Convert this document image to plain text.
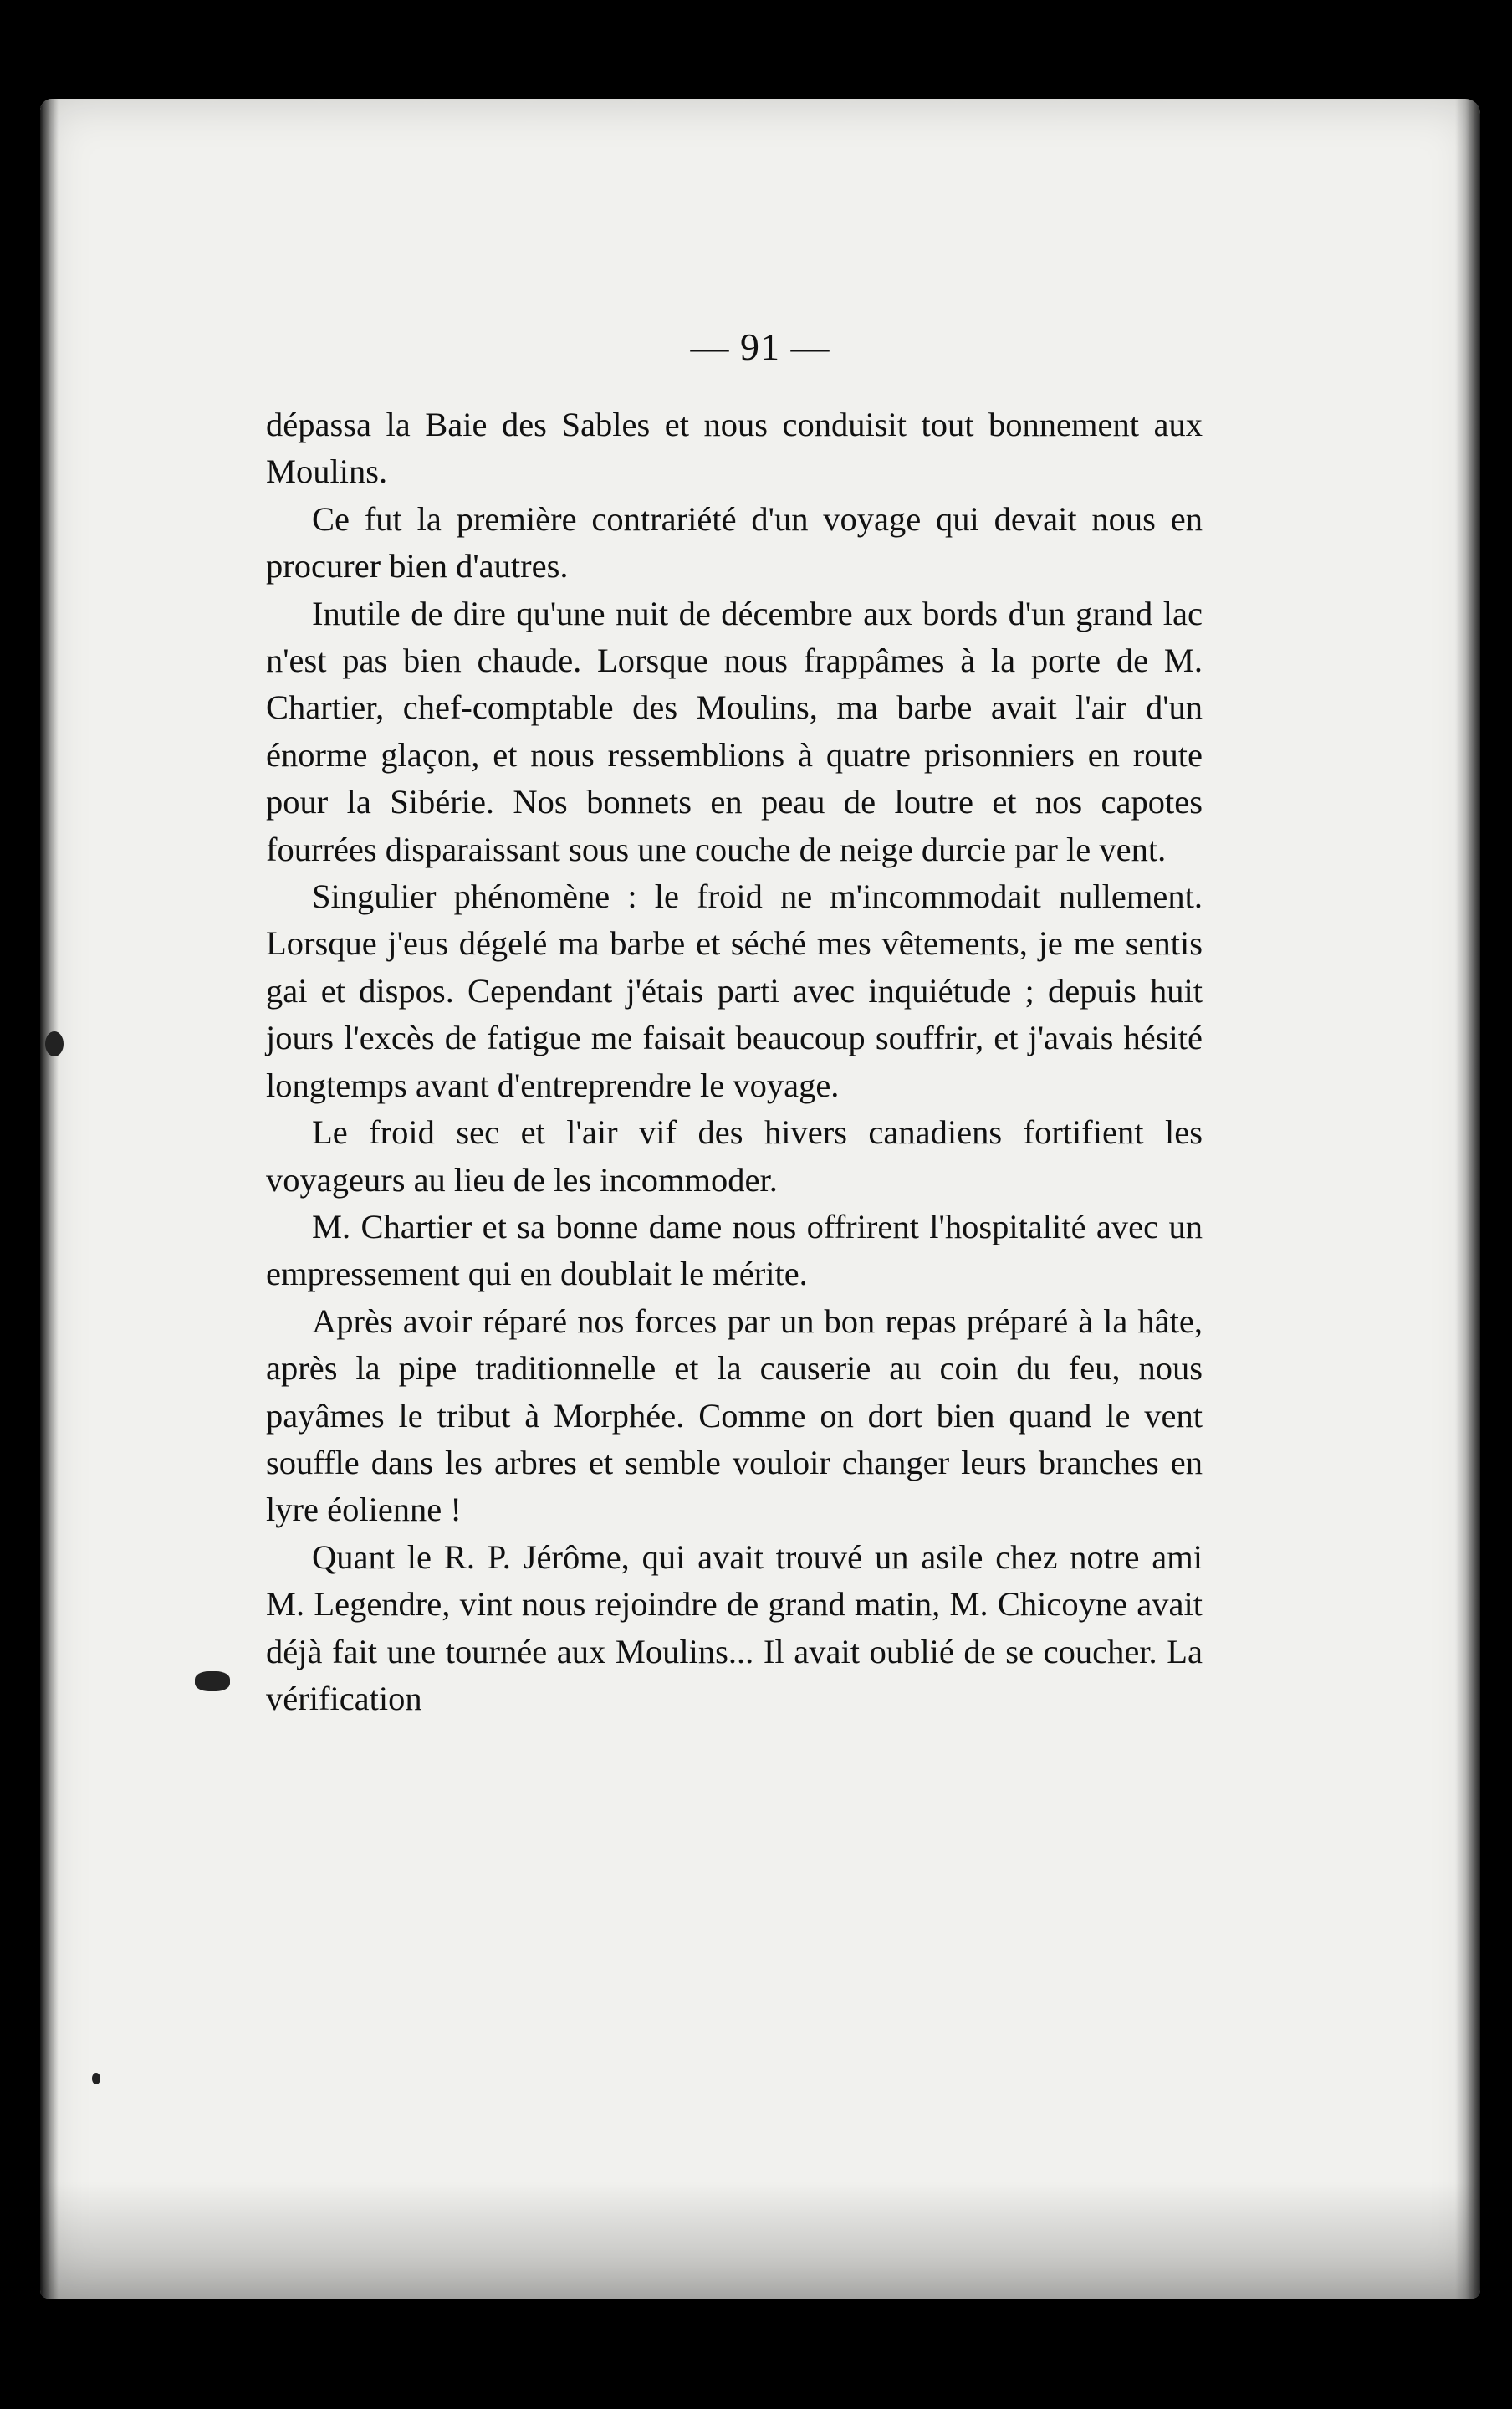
— 91 —

dépassa la Baie des Sables et nous conduisit tout bonnement aux Moulins.

Ce fut la première contrariété d'un voyage qui devait nous en procurer bien d'autres.

Inutile de dire qu'une nuit de décembre aux bords d'un grand lac n'est pas bien chaude. Lorsque nous frappâmes à la porte de M. Chartier, chef-comptable des Moulins, ma barbe avait l'air d'un énorme glaçon, et nous ressemblions à quatre prisonniers en route pour la Sibérie. Nos bonnets en peau de loutre et nos capotes fourrées disparaissant sous une couche de neige durcie par le vent.

Singulier phénomène : le froid ne m'incommodait nullement. Lorsque j'eus dégelé ma barbe et séché mes vêtements, je me sentis gai et dispos. Cependant j'étais parti avec inquiétude ; depuis huit jours l'excès de fatigue me faisait beaucoup souffrir, et j'avais hésité longtemps avant d'entreprendre le voyage.

Le froid sec et l'air vif des hivers canadiens fortifient les voyageurs au lieu de les incommoder.

M. Chartier et sa bonne dame nous offrirent l'hospitalité avec un empressement qui en doublait le mérite.

Après avoir réparé nos forces par un bon repas préparé à la hâte, après la pipe traditionnelle et la causerie au coin du feu, nous payâmes le tribut à Morphée. Comme on dort bien quand le vent souffle dans les arbres et semble vouloir changer leurs branches en lyre éolienne !

Quant le R. P. Jérôme, qui avait trouvé un asile chez notre ami M. Legendre, vint nous rejoindre de grand matin, M. Chicoyne avait déjà fait une tournée aux Moulins... Il avait oublié de se coucher. La vérification
